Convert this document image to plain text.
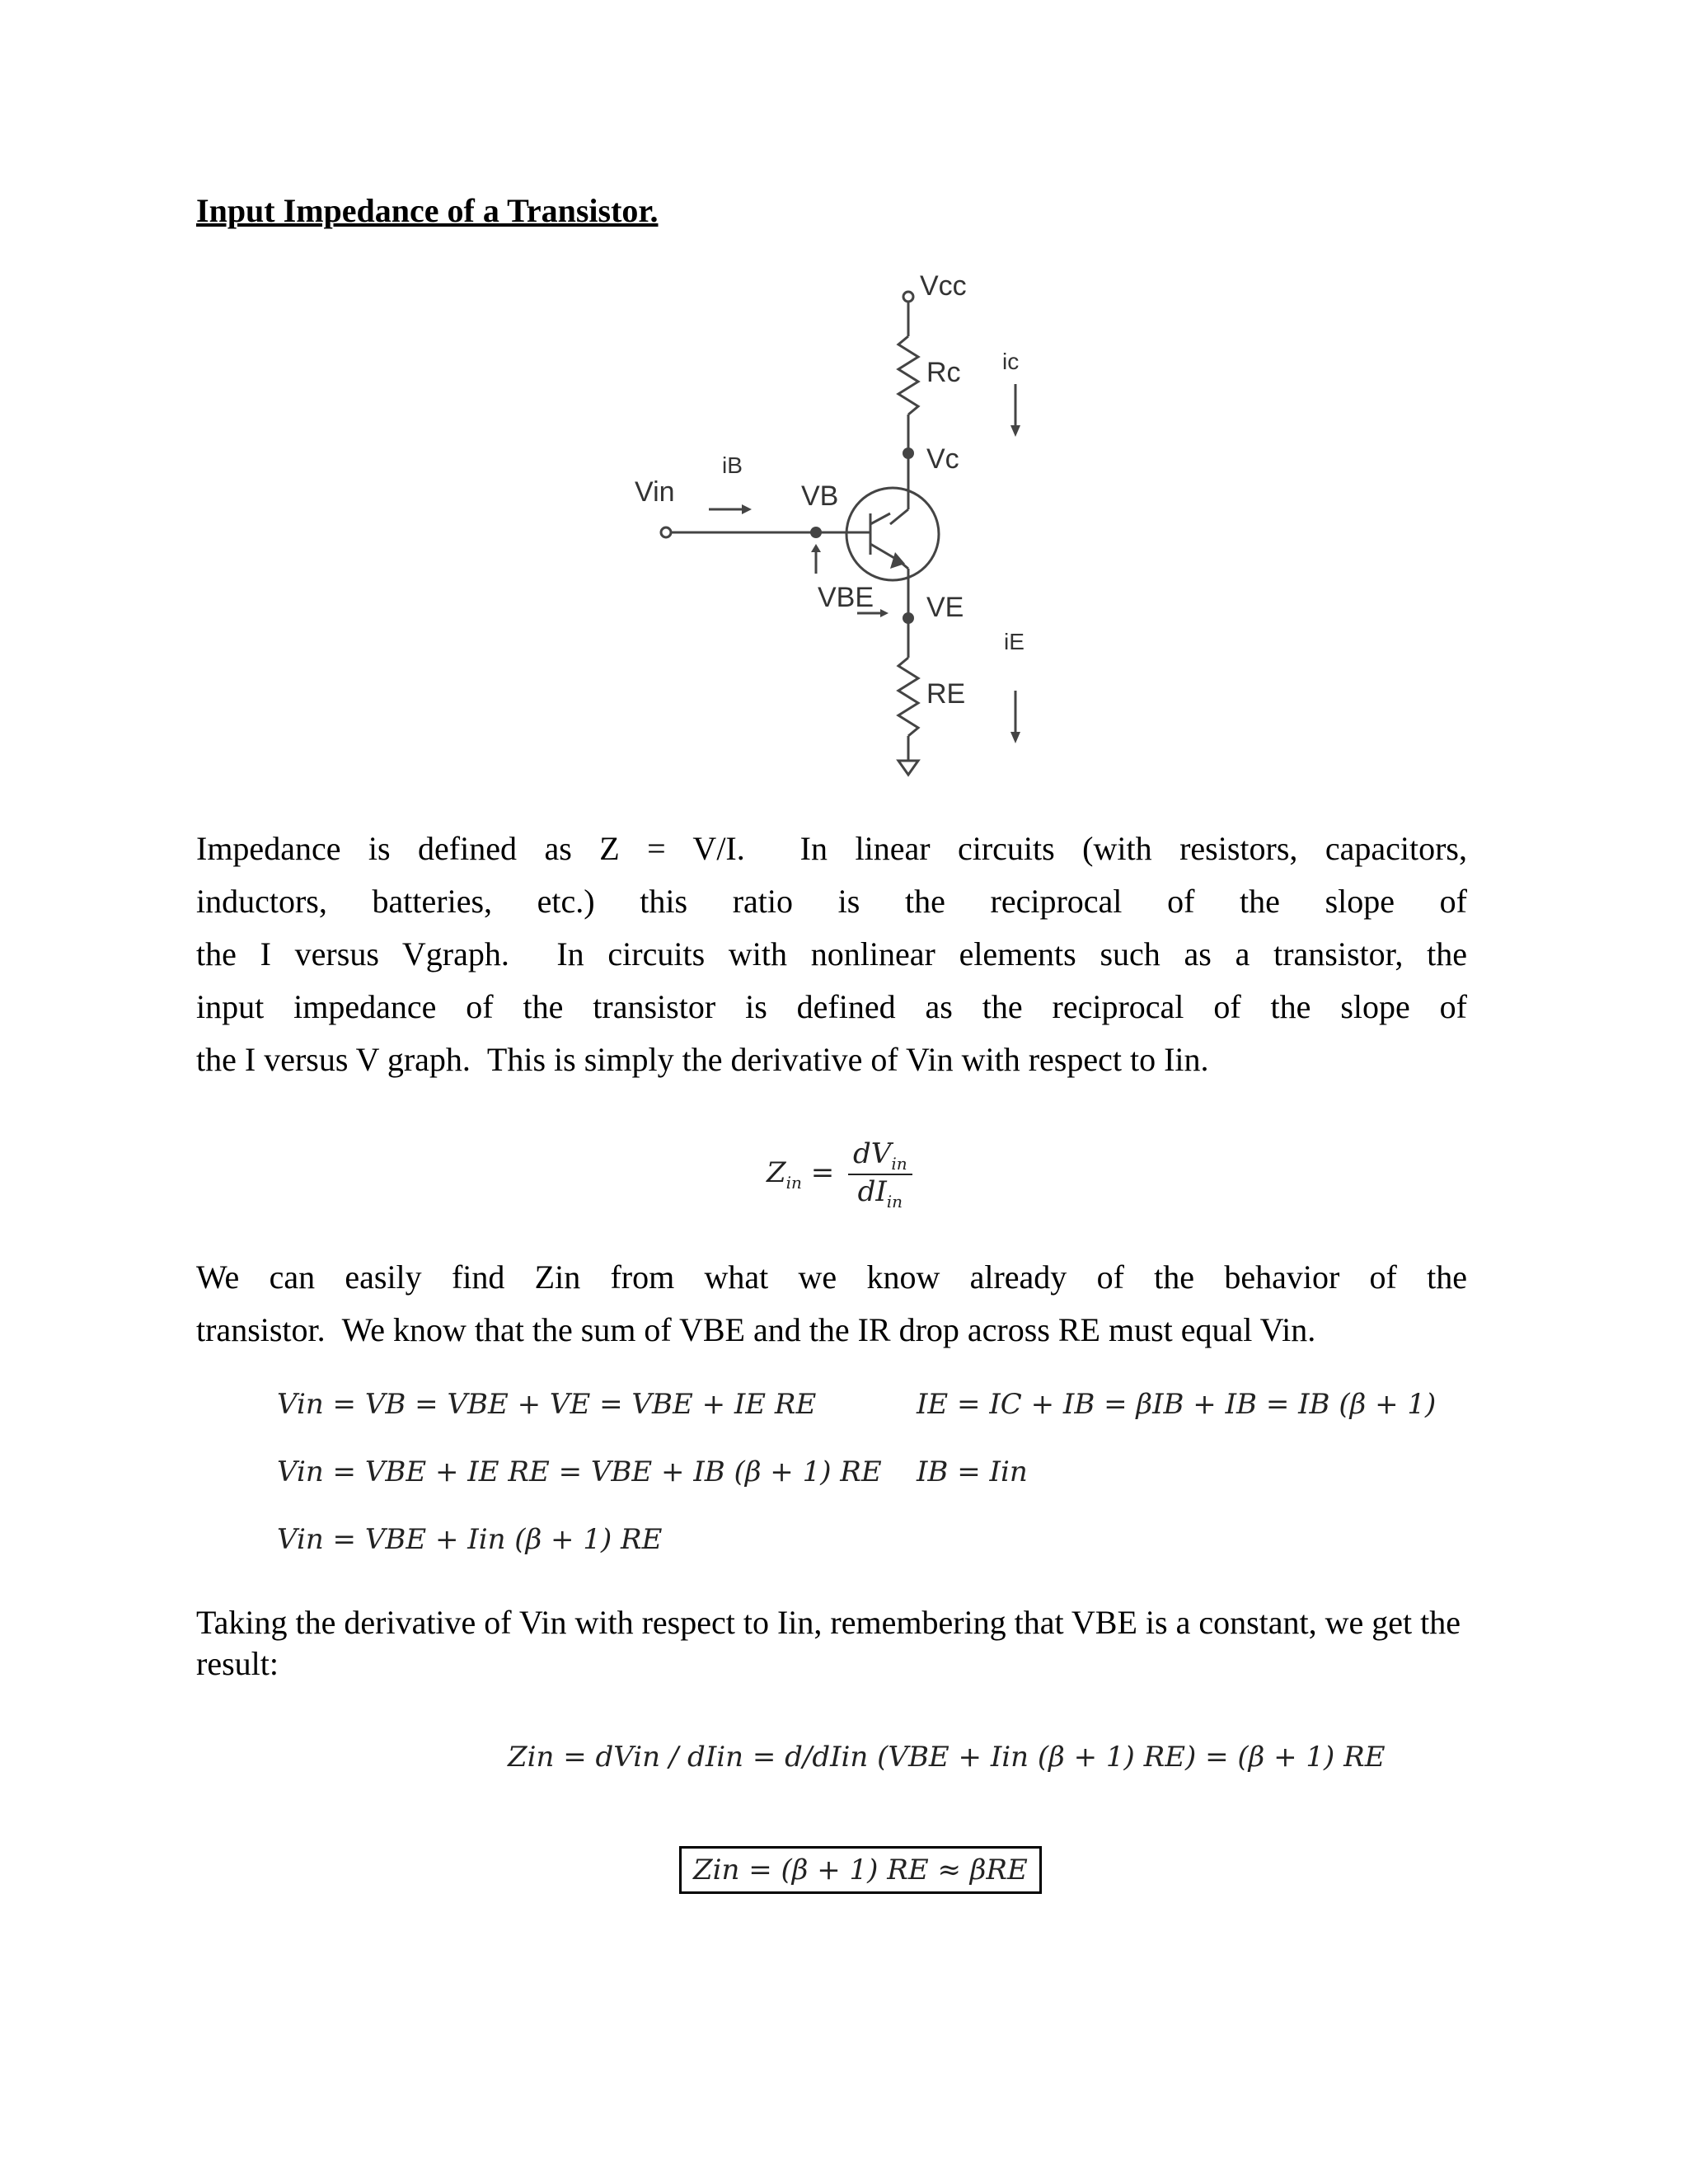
Input Impedance of a Transistor.
Vcc
Rc ic
Vc
Vin
iB
VB
VBE VE
iE
RE
Impedance is defined as Z = V/I.  In linear circuits (with resistors, capacitors,
inductors, batteries, etc.) this ratio is the reciprocal of the slope of
the I versus Vgraph.  In circuits with nonlinear elements such as a transistor, the
input impedance of the transistor is defined as the reciprocal of the slope of
the I versus V graph.  This is simply the derivative of Vin with respect to Iin.
$Z_{in} = \frac{dV_{in}}{dI_{in}}$
We can easily find Zin from what we know already of the behavior of the
transistor.  We know that the sum of VBE and the IR drop across RE must equal Vin.
Vin = VB = VBE + VE = VBE + IE RE
Vin = VBE + IE RE = VBE + IB (β + 1) RE
Vin = VBE + Iin (β + 1) RE
IE = IC + IB = βIB + IB = IB (β + 1)
IB = Iin
Taking the derivative of Vin with respect to Iin, remembering that VBE is a constant, we get the result:
Zin = dVin / dIin = d/dIin (VBE + Iin (β + 1) RE) = (β + 1) RE
Zin = (β + 1) RE ≈ βRE
